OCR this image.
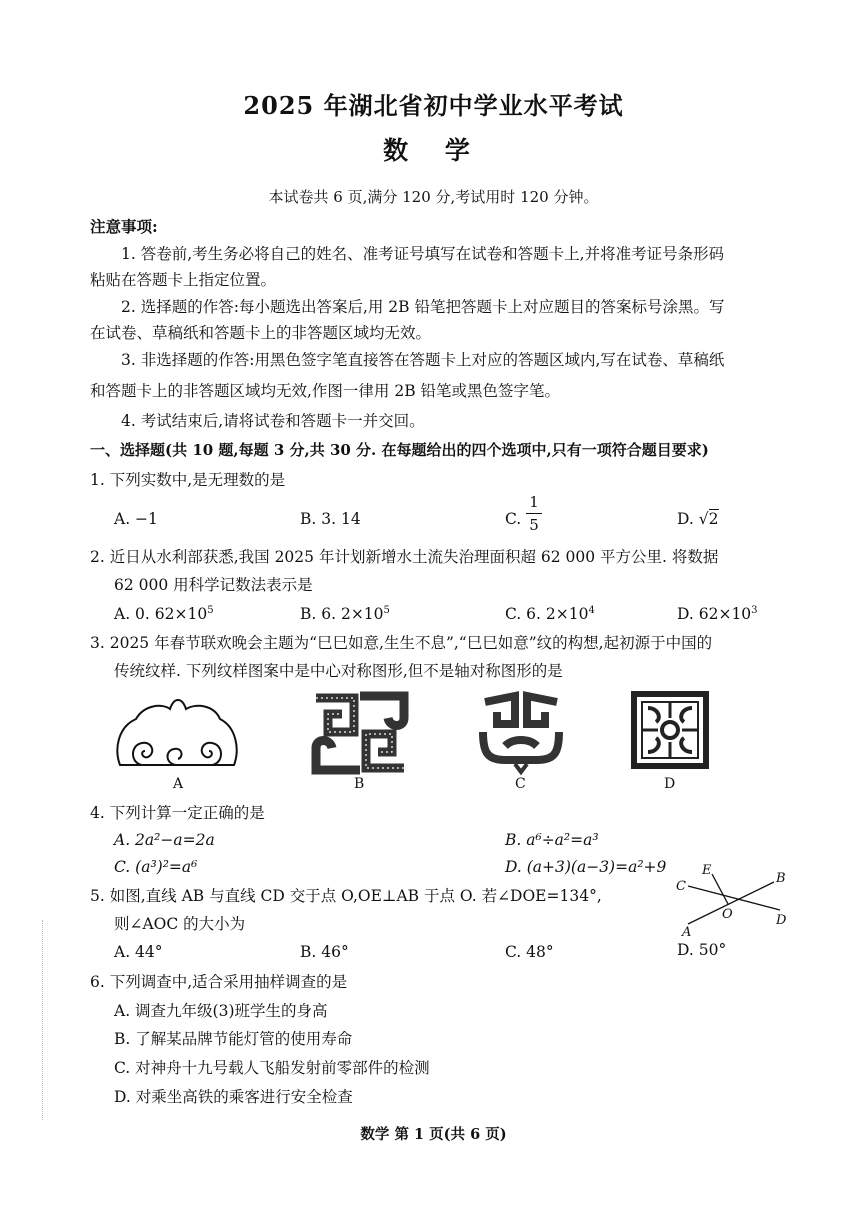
2025 年湖北省初中学业水平考试
数 学
本试卷共 6 页,满分 120 分,考试用时 120 分钟。
注意事项:
1. 答卷前,考生务必将自己的姓名、准考证号填写在试卷和答题卡上,并将准考证号条形码
粘贴在答题卡上指定位置。
2. 选择题的作答:每小题选出答案后,用 2B 铅笔把答题卡上对应题目的答案标号涂黑。写
在试卷、草稿纸和答题卡上的非答题区域均无效。
3. 非选择题的作答:用黑色签字笔直接答在答题卡上对应的答题区域内,写在试卷、草稿纸
和答题卡上的非答题区域均无效,作图一律用 2B 铅笔或黑色签字笔。
4. 考试结束后,请将试卷和答题卡一并交回。
一、选择题(共 10 题,每题 3 分,共 30 分. 在每题给出的四个选项中,只有一项符合题目要求)
1. 下列实数中,是无理数的是
A. −1	B. 3. 14	C.
1
5	D. √2
2. 近日从水利部获悉,我国 2025 年计划新增水土流失治理面积超 62 000 平方公里. 将数据
62 000 用科学记数法表示是
A. 0. $62\times 10^5$	B. 6. $2\times 10^5$	C. 6. $2\times 10^4$	D. $62\times 10^3$
3. 2025 年春节联欢晚会主题为“巳巳如意,生生不息”,“巳巳如意”纹的构想,起初源于中国的
传统纹样. 下列纹样图案中是中心对称图形,但不是轴对称图形的是
A	B	C	D
4. 下列计算一定正确的是
A. 2a²−a=2a	B. a⁶÷a²=a³
C. (a³)²=a⁶	D. (a+3)(a−3)=a²+9
5. 如图,直线 AB 与直线 CD 交于点 O,OE⊥AB 于点 O. 若∠DOE=134°,
则∠AOC 的大小为
A. 44°	B. 46°	C. 48°	D. 50°
C
E
B
O	D
A
6. 下列调查中,适合采用抽样调查的是
A. 调查九年级(3)班学生的身高
B. 了解某品牌节能灯管的使用寿命
C. 对神舟十九号载人飞船发射前零部件的检测
D. 对乘坐高铁的乘客进行安全检查
数学 第 1 页(共 6 页)
